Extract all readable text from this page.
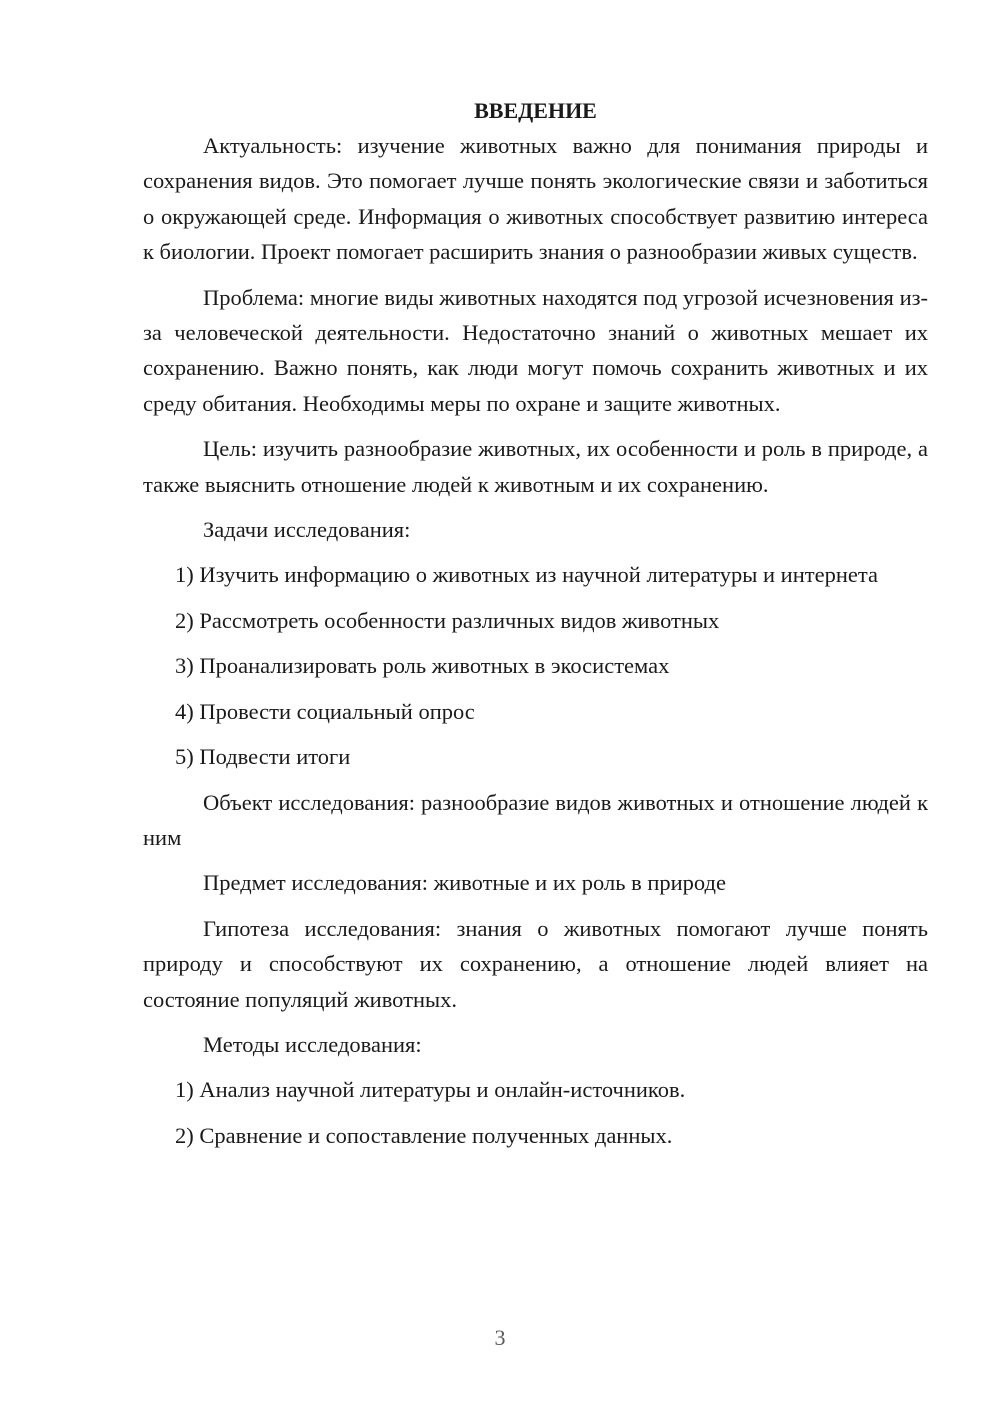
ВВЕДЕНИЕ

Актуальность: изучение животных важно для понимания природы и сохранения видов. Это помогает лучше понять экологические связи и заботиться о окружающей среде. Информация о животных способствует развитию интереса к биологии. Проект помогает расширить знания о разнообразии живых существ.

Проблема: многие виды животных находятся под угрозой исчезновения из-за человеческой деятельности. Недостаточно знаний о животных мешает их сохранению. Важно понять, как люди могут помочь сохранить животных и их среду обитания. Необходимы меры по охране и защите животных.

Цель: изучить разнообразие животных, их особенности и роль в природе, а также выяснить отношение людей к животным и их сохранению.

Задачи исследования:

1) Изучить информацию о животных из научной литературы и интернета

2) Рассмотреть особенности различных видов животных

3) Проанализировать роль животных в экосистемах

4) Провести социальный опрос

5) Подвести итоги

Объект исследования: разнообразие видов животных и отношение людей к ним

Предмет исследования: животные и их роль в природе

Гипотеза исследования: знания о животных помогают лучше понять природу и способствуют их сохранению, а отношение людей влияет на состояние популяций животных.

Методы исследования:

1) Анализ научной литературы и онлайн-источников.

2) Сравнение и сопоставление полученных данных.

3
